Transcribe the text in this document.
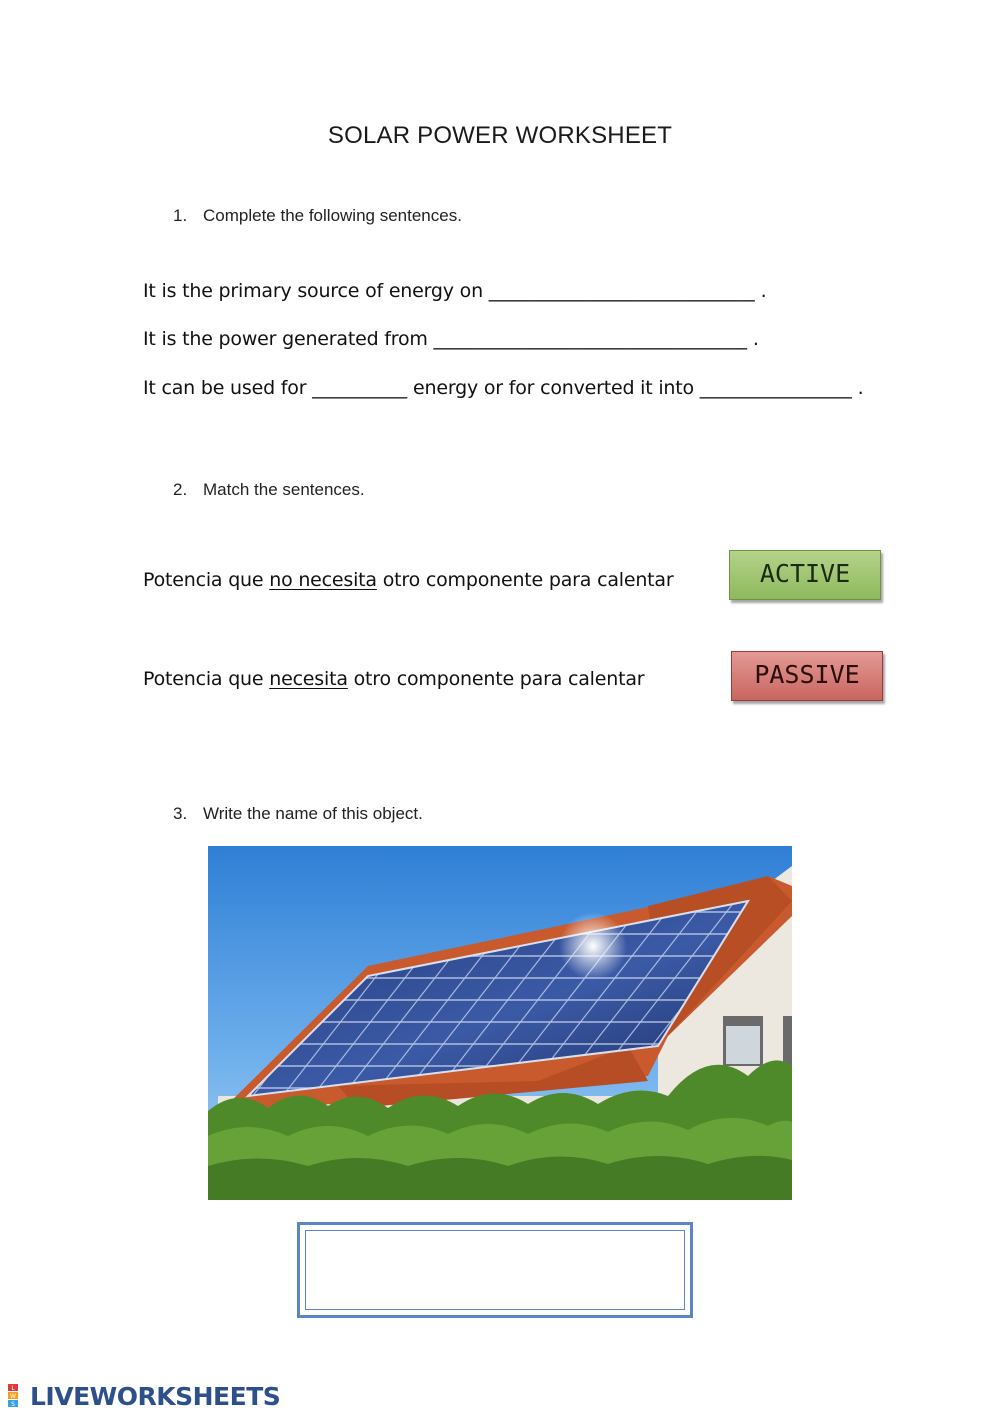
SOLAR POWER WORKSHEET
1. Complete the following sentences.
It is the primary source of energy on ____________________________ .
It is the power generated from _________________________________ .
It can be used for __________ energy or for converted it into ________________ .
2. Match the sentences.
Potencia que no necesita otro componente para calentar
Potencia que necesita otro componente para calentar
ACTIVE
PASSIVE
3. Write the name of this object.
L
W
S LIVEWORKSHEETS
